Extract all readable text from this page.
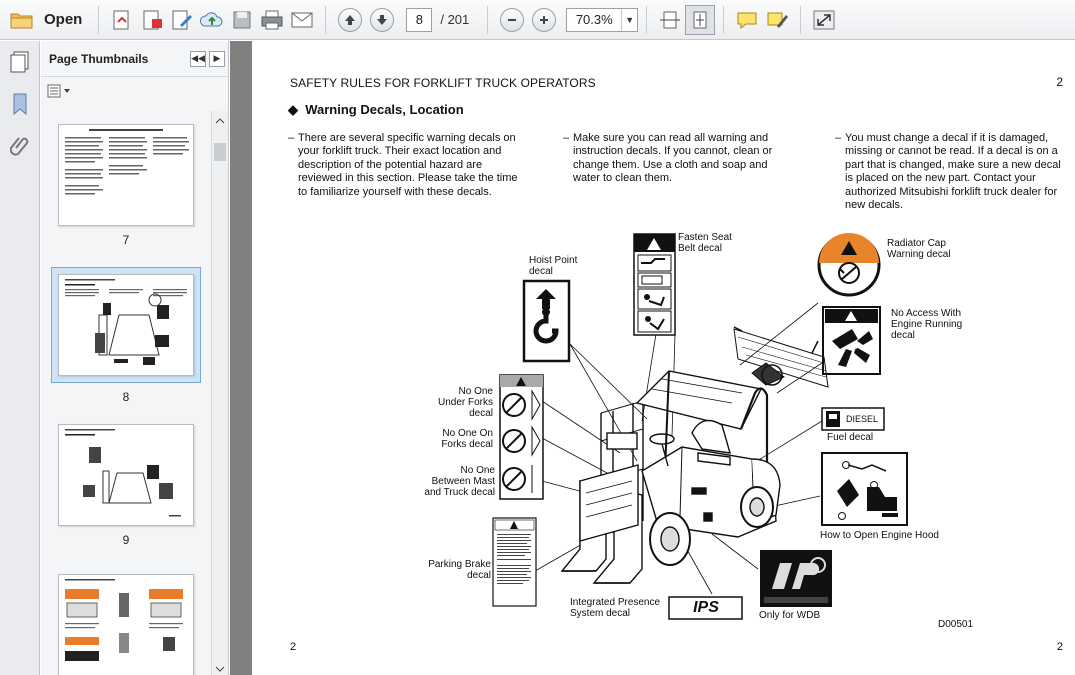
Open	8	/ 201	70.3%	▼
Page Thumbnails	◀◀ ▶
7
8
9
SAFETY RULES FOR FORKLIFT TRUCK OPERATORS	2
◆ Warning Decals, Location
– There are several specific warning decals on your forklift truck. Their exact location and description of the potential hazard are reviewed in this section. Please take the time to familiarize yourself with these decals.
– Make sure you can read all warning and instruction decals. If you cannot, clean or change them. Use a cloth and soap and water to clean them.
– You must change a decal if it is damaged, missing or cannot be read. If a decal is on a part that is changed, make sure a new decal is placed on the new part. Contact your authorized Mitsubishi forklift truck dealer for new decals.
Hoist Point decal
Fasten Seat Belt decal	Radiator Cap Warning decal
No Access With Engine Running decal
No One Under Forks decal
No One On Forks decal
No One Between Mast and Truck decal
DIESEL
Fuel decal
How to Open Engine Hood
Parking Brake decal
Integrated Presence System decal	IPS	Only for WDB
D00501
2	2
